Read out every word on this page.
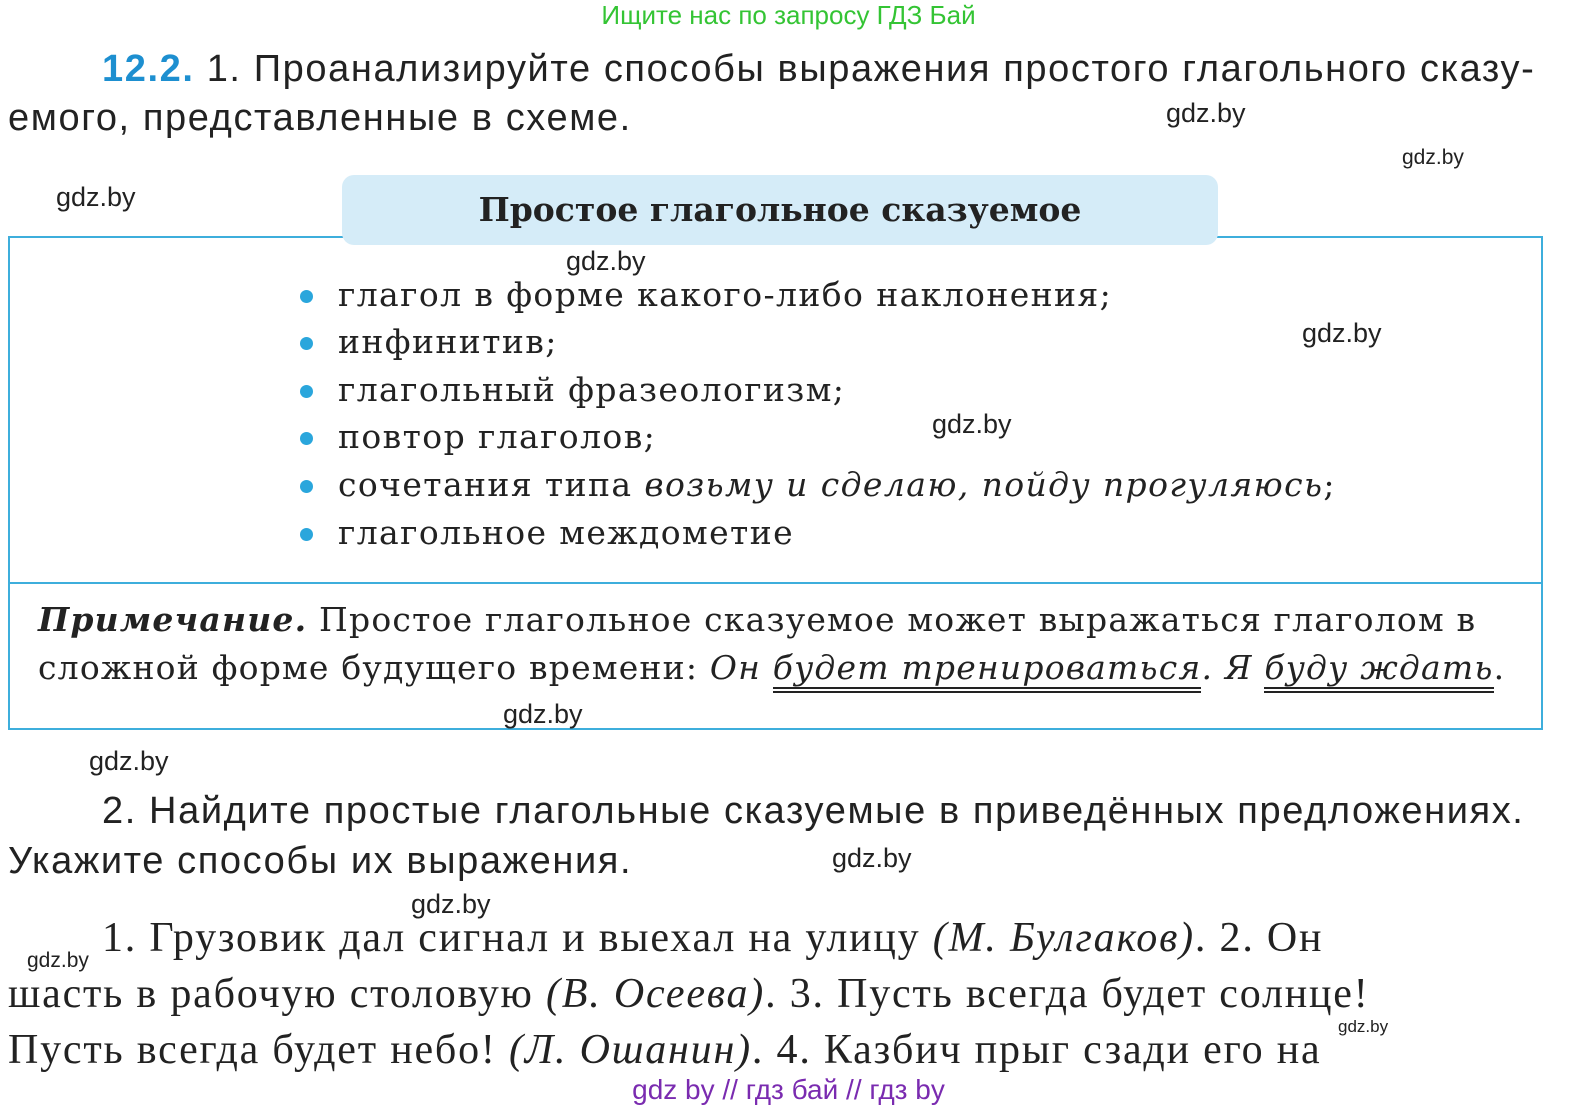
Ищите нас по запросу ГДЗ Бай
12.2. 1. Проанализируйте способы выражения простого глагольного сказу-
емого, представленные в схеме.
Простое глагольное сказуемое
глагол в форме какого-либо наклонения;
инфинитив;
глагольный фразеологизм;
повтор глаголов;
сочетания типа возьму и сделаю, пойду прогуляюсь;
глагольное междометие
Примечание. Простое глагольное сказуемое может выражаться глаголом в
сложной форме будущего времени: Он будет тренироваться. Я буду ждать.
2. Найдите простые глагольные сказуемые в приведённых предложениях.
Укажите способы их выражения.
1. Грузовик дал сигнал и выехал на улицу (М. Булгаков). 2. Он
шасть в рабочую столовую (В. Осеева). 3. Пусть всегда будет солнце!
Пусть всегда будет небо! (Л. Ошанин). 4. Казбич прыг сзади его на
gdz.by
gdz.by
gdz.by
gdz.by
gdz.by
gdz.by
gdz.by
gdz.by
gdz.by
gdz.by
gdz.by
gdz.by
gdz by // гдз бай // гдз by
